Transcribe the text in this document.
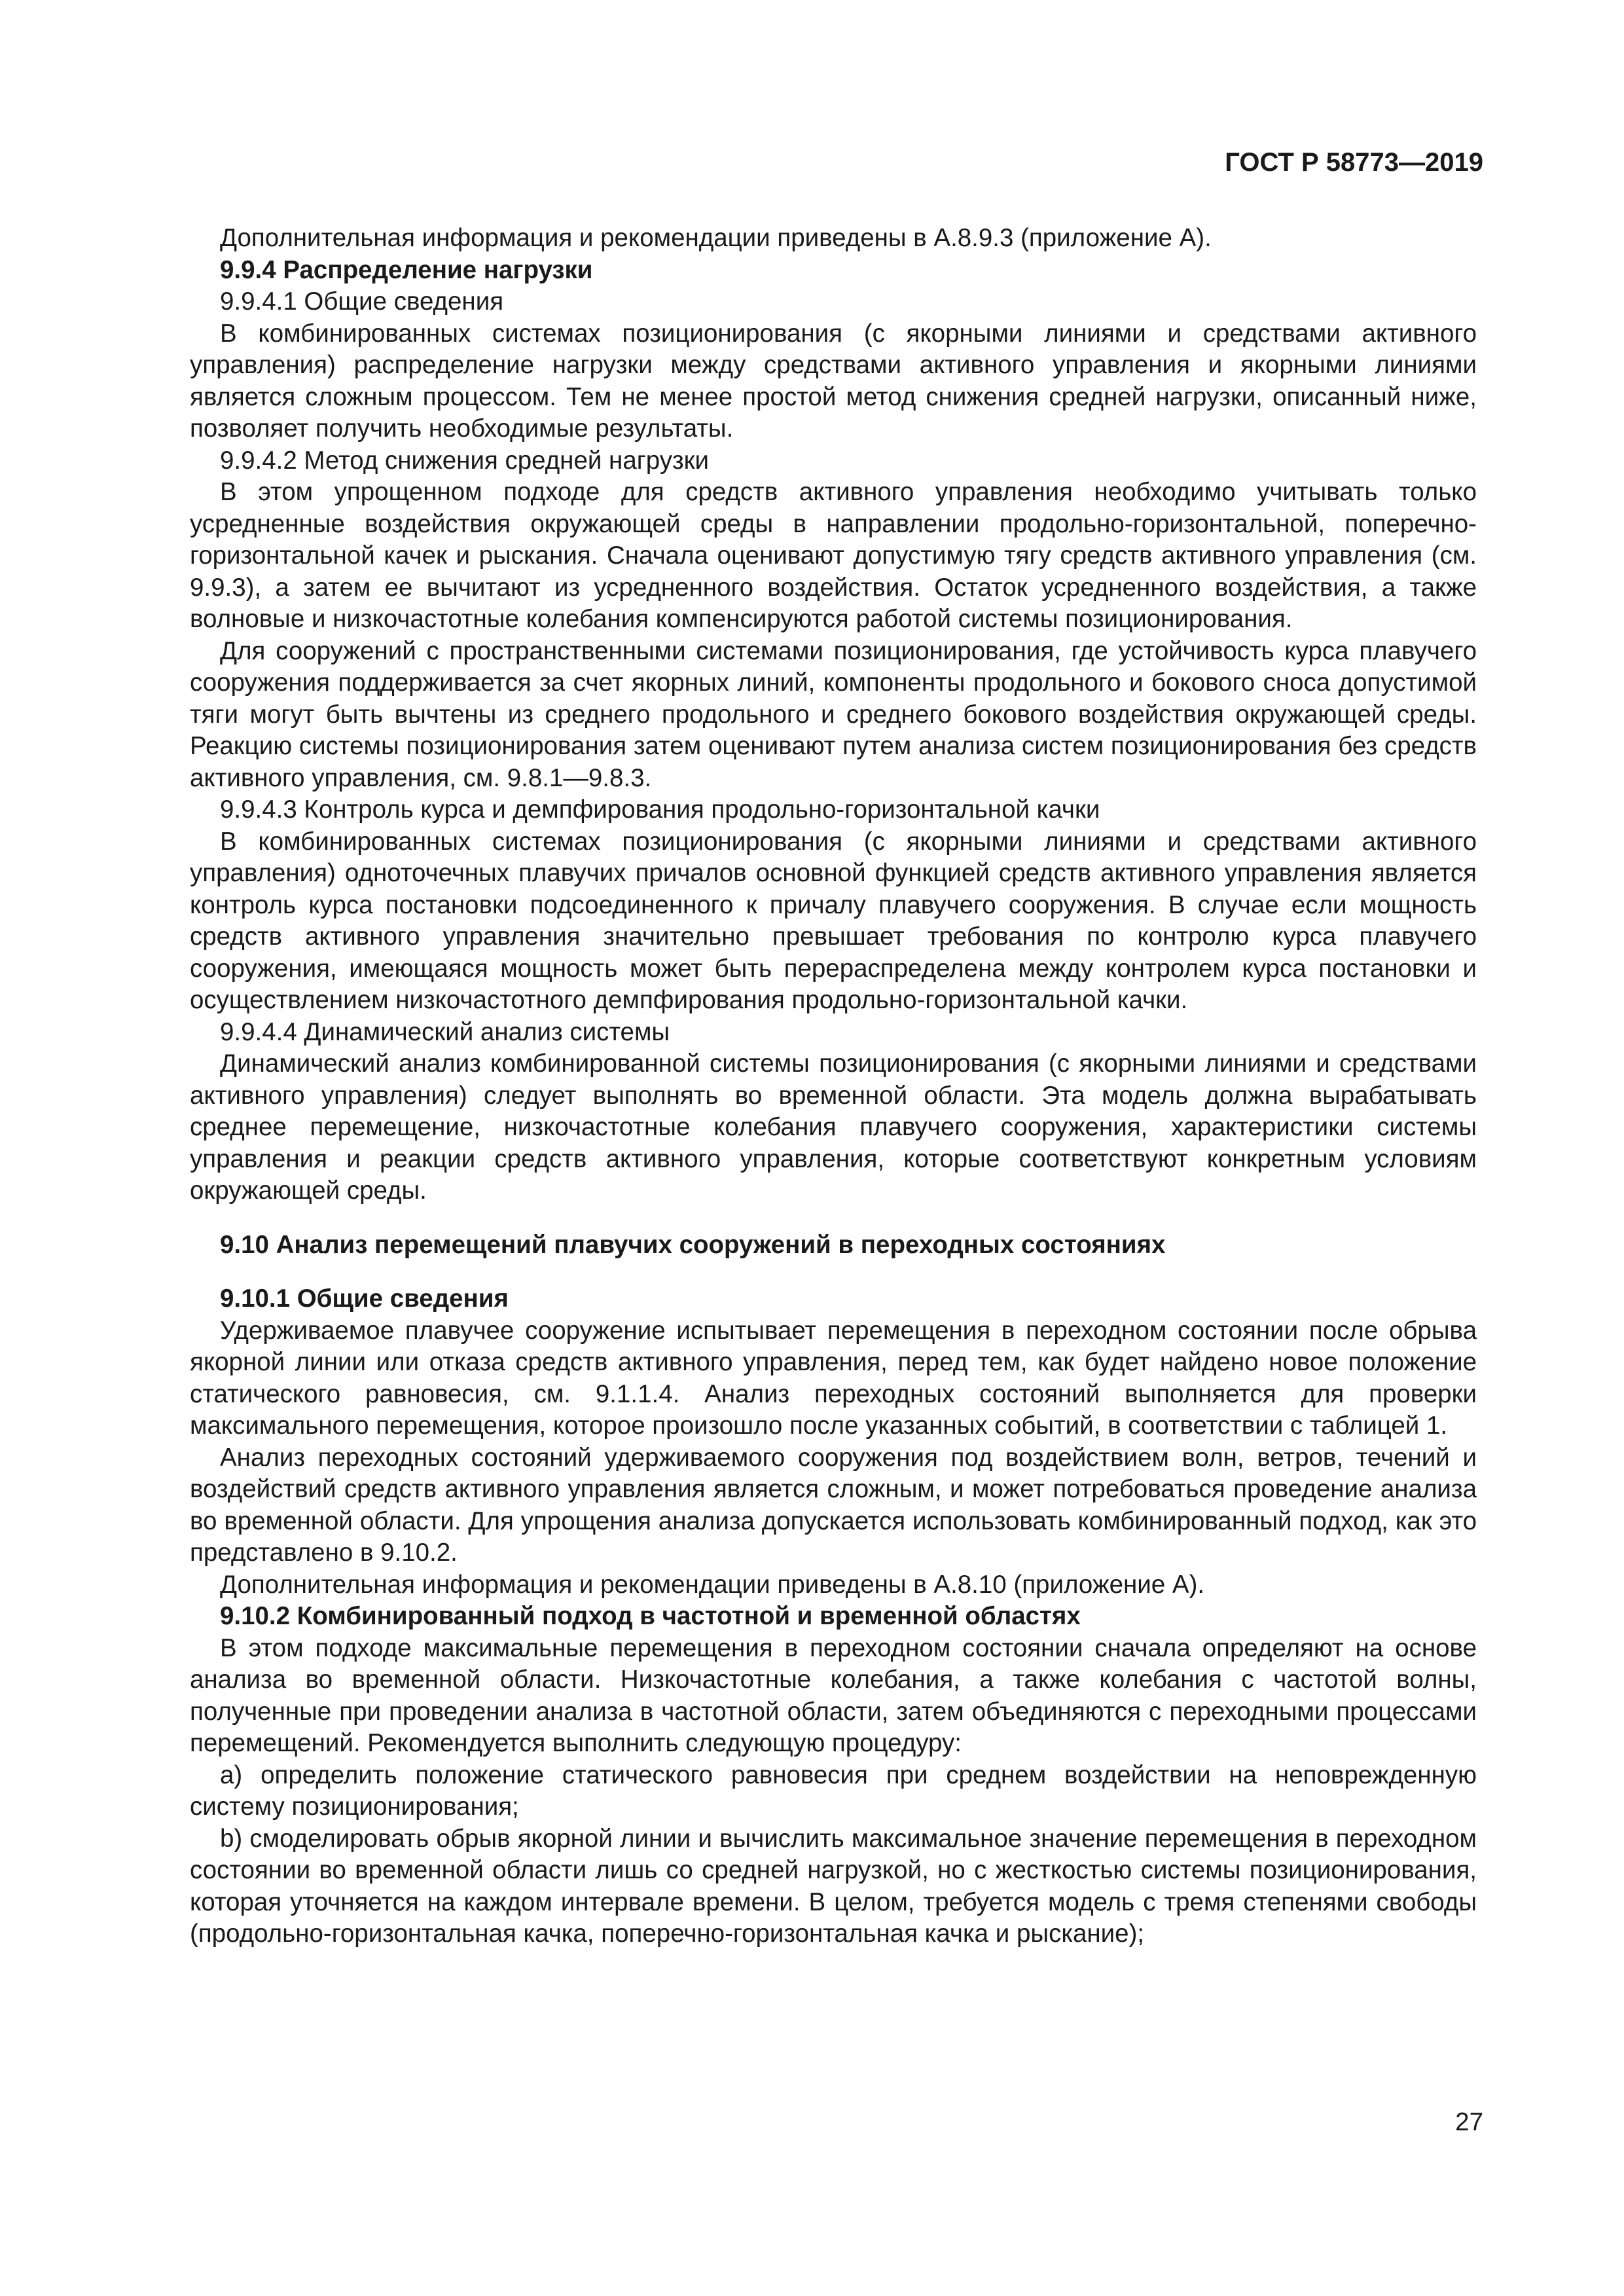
ГОСТ Р 58773—2019

Дополнительная информация и рекомендации приведены в А.8.9.3 (приложение А).

9.9.4 Распределение нагрузки

9.9.4.1 Общие сведения

В комбинированных системах позиционирования (с якорными линиями и средствами активного управления) распределение нагрузки между средствами активного управления и якорными линиями является сложным процессом. Тем не менее простой метод снижения средней нагрузки, описанный ниже, позволяет получить необходимые результаты.

9.9.4.2 Метод снижения средней нагрузки

В этом упрощенном подходе для средств активного управления необходимо учитывать только усредненные воздействия окружающей среды в направлении продольно-горизонтальной, поперечно-горизонтальной качек и рыскания. Сначала оценивают допустимую тягу средств активного управления (см. 9.9.3), а затем ее вычитают из усредненного воздействия. Остаток усредненного воздействия, а также волновые и низкочастотные колебания компенсируются работой системы позиционирования.

Для сооружений с пространственными системами позиционирования, где устойчивость курса плавучего сооружения поддерживается за счет якорных линий, компоненты продольного и бокового сноса допустимой тяги могут быть вычтены из среднего продольного и среднего бокового воздействия окружающей среды. Реакцию системы позиционирования затем оценивают путем анализа систем позиционирования без средств активного управления, см. 9.8.1—9.8.3.

9.9.4.3 Контроль курса и демпфирования продольно-горизонтальной качки

В комбинированных системах позиционирования (с якорными линиями и средствами активного управления) одноточечных плавучих причалов основной функцией средств активного управления является контроль курса постановки подсоединенного к причалу плавучего сооружения. В случае если мощность средств активного управления значительно превышает требования по контролю курса плавучего сооружения, имеющаяся мощность может быть перераспределена между контролем курса постановки и осуществлением низкочастотного демпфирования продольно-горизонтальной качки.

9.9.4.4 Динамический анализ системы

Динамический анализ комбинированной системы позиционирования (с якорными линиями и средствами активного управления) следует выполнять во временной области. Эта модель должна вырабатывать среднее перемещение, низкочастотные колебания плавучего сооружения, характеристики системы управления и реакции средств активного управления, которые соответствуют конкретным условиям окружающей среды.

9.10 Анализ перемещений плавучих сооружений в переходных состояниях

9.10.1 Общие сведения

Удерживаемое плавучее сооружение испытывает перемещения в переходном состоянии после обрыва якорной линии или отказа средств активного управления, перед тем, как будет найдено новое положение статического равновесия, см. 9.1.1.4. Анализ переходных состояний выполняется для проверки максимального перемещения, которое произошло после указанных событий, в соответствии с таблицей 1.

Анализ переходных состояний удерживаемого сооружения под воздействием волн, ветров, течений и воздействий средств активного управления является сложным, и может потребоваться проведение анализа во временной области. Для упрощения анализа допускается использовать комбинированный подход, как это представлено в 9.10.2.

Дополнительная информация и рекомендации приведены в А.8.10 (приложение А).

9.10.2 Комбинированный подход в частотной и временной областях

В этом подходе максимальные перемещения в переходном состоянии сначала определяют на основе анализа во временной области. Низкочастотные колебания, а также колебания с частотой волны, полученные при проведении анализа в частотной области, затем объединяются с переходными процессами перемещений. Рекомендуется выполнить следующую процедуру:

a) определить положение статического равновесия при среднем воздействии на неповрежденную систему позиционирования;

b) смоделировать обрыв якорной линии и вычислить максимальное значение перемещения в переходном состоянии во временной области лишь со средней нагрузкой, но с жесткостью системы позиционирования, которая уточняется на каждом интервале времени. В целом, требуется модель с тремя степенями свободы (продольно-горизонтальная качка, поперечно-горизонтальная качка и рыскание);

27
